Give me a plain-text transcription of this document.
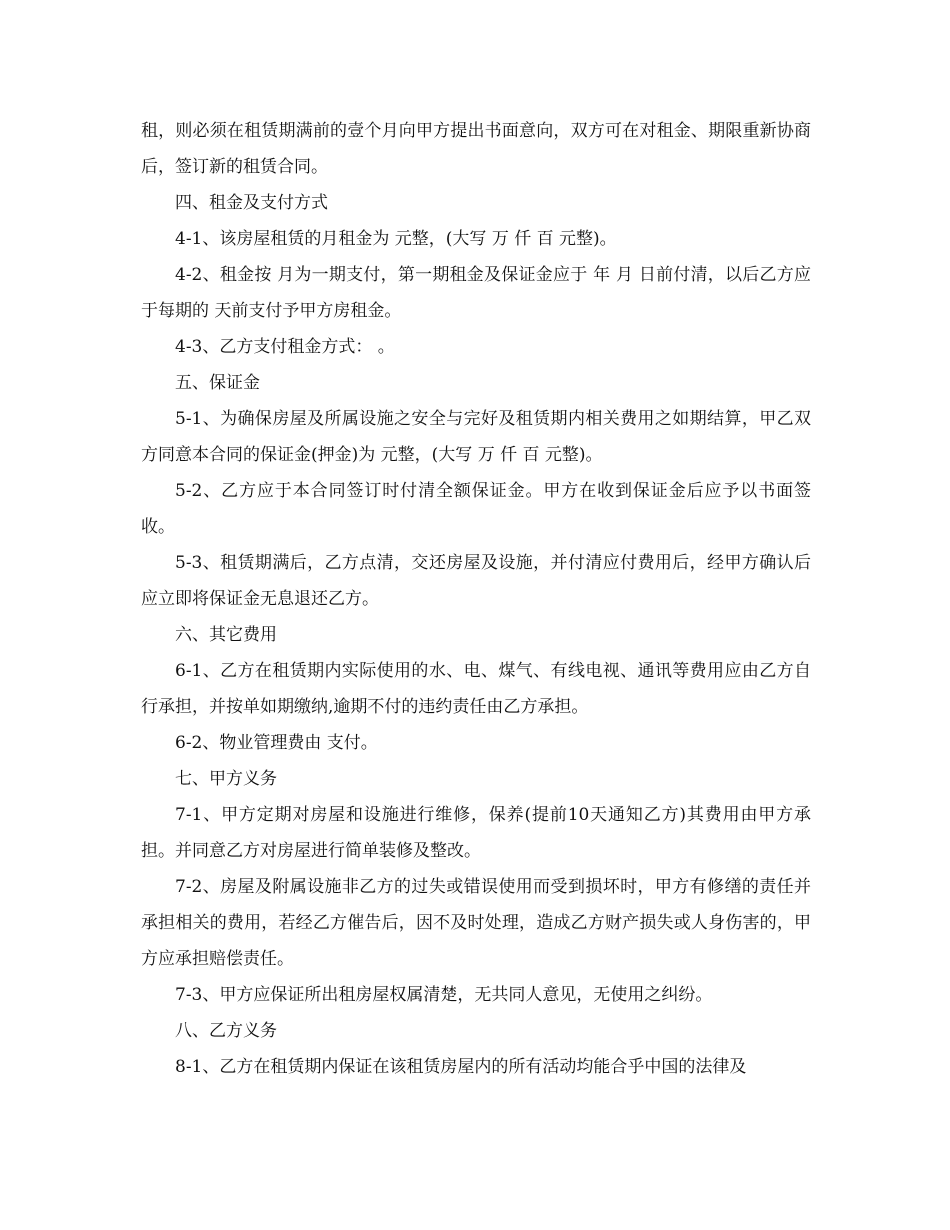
租，则必须在租赁期满前的壹个月向甲方提出书面意向，双方可在对租金、期限重新协商后，签订新的租赁合同。

四、租金及支付方式

4-1、该房屋租赁的月租金为 元整，(大写 万 仟 百 元整)。

4-2、租金按 月为一期支付，第一期租金及保证金应于 年 月 日前付清，以后乙方应于每期的 天前支付予甲方房租金。

4-3、乙方支付租金方式： 。

五、保证金

5-1、为确保房屋及所属设施之安全与完好及租赁期内相关费用之如期结算，甲乙双方同意本合同的保证金(押金)为 元整，(大写 万 仟 百 元整)。

5-2、乙方应于本合同签订时付清全额保证金。甲方在收到保证金后应予以书面签收。

5-3、租赁期满后，乙方点清，交还房屋及设施，并付清应付费用后，经甲方确认后应立即将保证金无息退还乙方。

六、其它费用

6-1、乙方在租赁期内实际使用的水、电、煤气、有线电视、通讯等费用应由乙方自行承担，并按单如期缴纳,逾期不付的违约责任由乙方承担。

6-2、物业管理费由 支付。

七、甲方义务

7-1、甲方定期对房屋和设施进行维修，保养(提前10天通知乙方)其费用由甲方承担。并同意乙方对房屋进行简单装修及整改。

7-2、房屋及附属设施非乙方的过失或错误使用而受到损坏时，甲方有修缮的责任并承担相关的费用，若经乙方催告后，因不及时处理，造成乙方财产损失或人身伤害的，甲方应承担赔偿责任。

7-3、甲方应保证所出租房屋权属清楚，无共同人意见，无使用之纠纷。

八、乙方义务

8-1、乙方在租赁期内保证在该租赁房屋内的所有活动均能合乎中国的法律及
